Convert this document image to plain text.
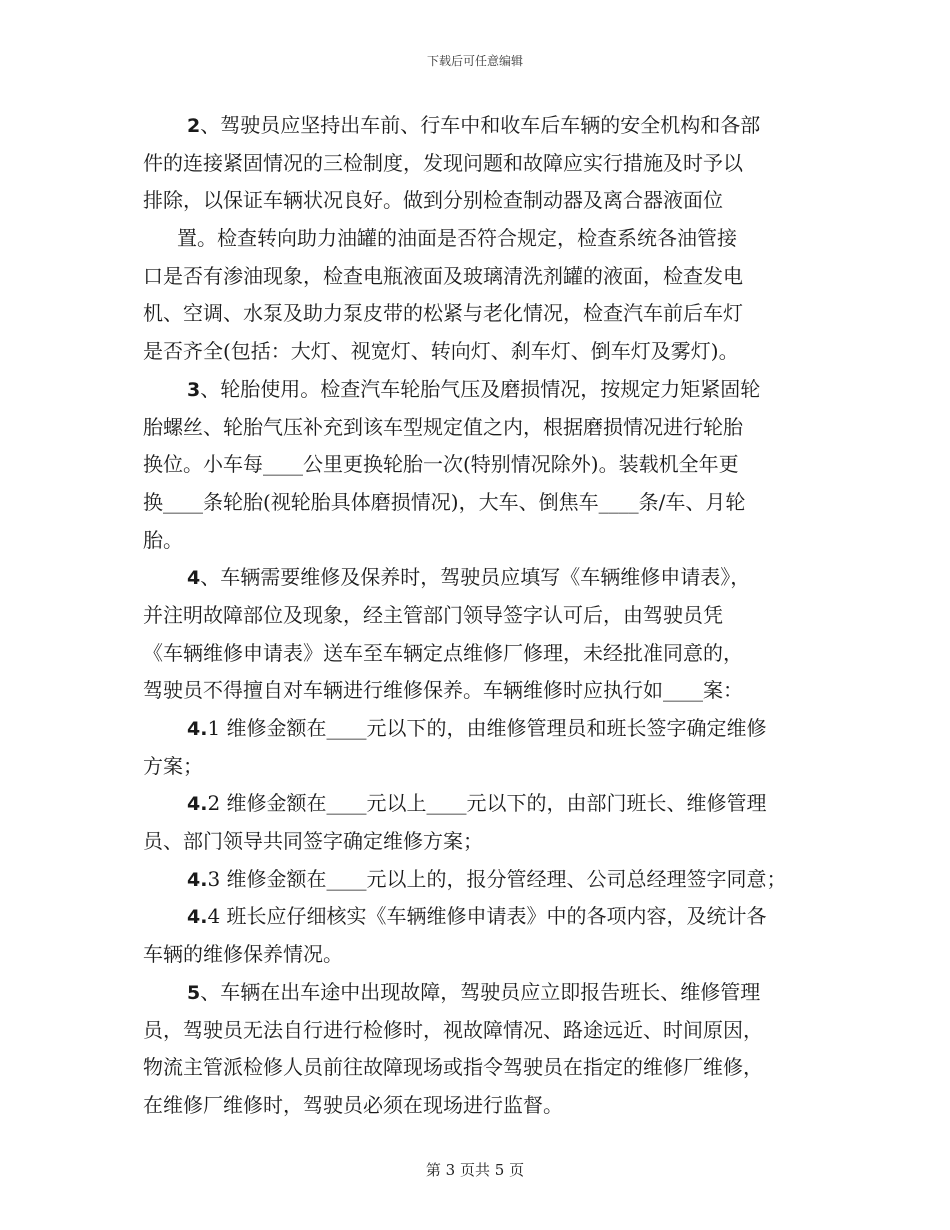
下载后可任意编辑
2、驾驶员应坚持出车前、行车中和收车后车辆的安全机构和各部
件的连接紧固情况的三检制度，发现问题和故障应实行措施及时予以
排除，以保证车辆状况良好。做到分别检查制动器及离合器液面位
置。检查转向助力油罐的油面是否符合规定，检查系统各油管接
口是否有渗油现象，检查电瓶液面及玻璃清洗剂罐的液面，检查发电
机、空调、水泵及助力泵皮带的松紧与老化情况，检查汽车前后车灯
是否齐全(包括：大灯、视宽灯、转向灯、刹车灯、倒车灯及雾灯)。
3、轮胎使用。检查汽车轮胎气压及磨损情况，按规定力矩紧固轮
胎螺丝、轮胎气压补充到该车型规定值之内，根据磨损情况进行轮胎
换位。小车每____公里更换轮胎一次(特别情况除外)。装载机全年更
换____条轮胎(视轮胎具体磨损情况)，大车、倒焦车____条/车、月轮
胎。
4、车辆需要维修及保养时，驾驶员应填写《车辆维修申请表》，
并注明故障部位及现象，经主管部门领导签字认可后，由驾驶员凭
《车辆维修申请表》送车至车辆定点维修厂修理，未经批准同意的，
驾驶员不得擅自对车辆进行维修保养。车辆维修时应执行如____案：
4.1 维修金额在____元以下的，由维修管理员和班长签字确定维修
方案；
4.2 维修金额在____元以上____元以下的，由部门班长、维修管理
员、部门领导共同签字确定维修方案；
4.3 维修金额在____元以上的，报分管经理、公司总经理签字同意；
4.4 班长应仔细核实《车辆维修申请表》中的各项内容，及统计各
车辆的维修保养情况。
5、车辆在出车途中出现故障，驾驶员应立即报告班长、维修管理
员，驾驶员无法自行进行检修时，视故障情况、路途远近、时间原因，
物流主管派检修人员前往故障现场或指令驾驶员在指定的维修厂维修，
在维修厂维修时，驾驶员必须在现场进行监督。
第 3 页共 5 页
